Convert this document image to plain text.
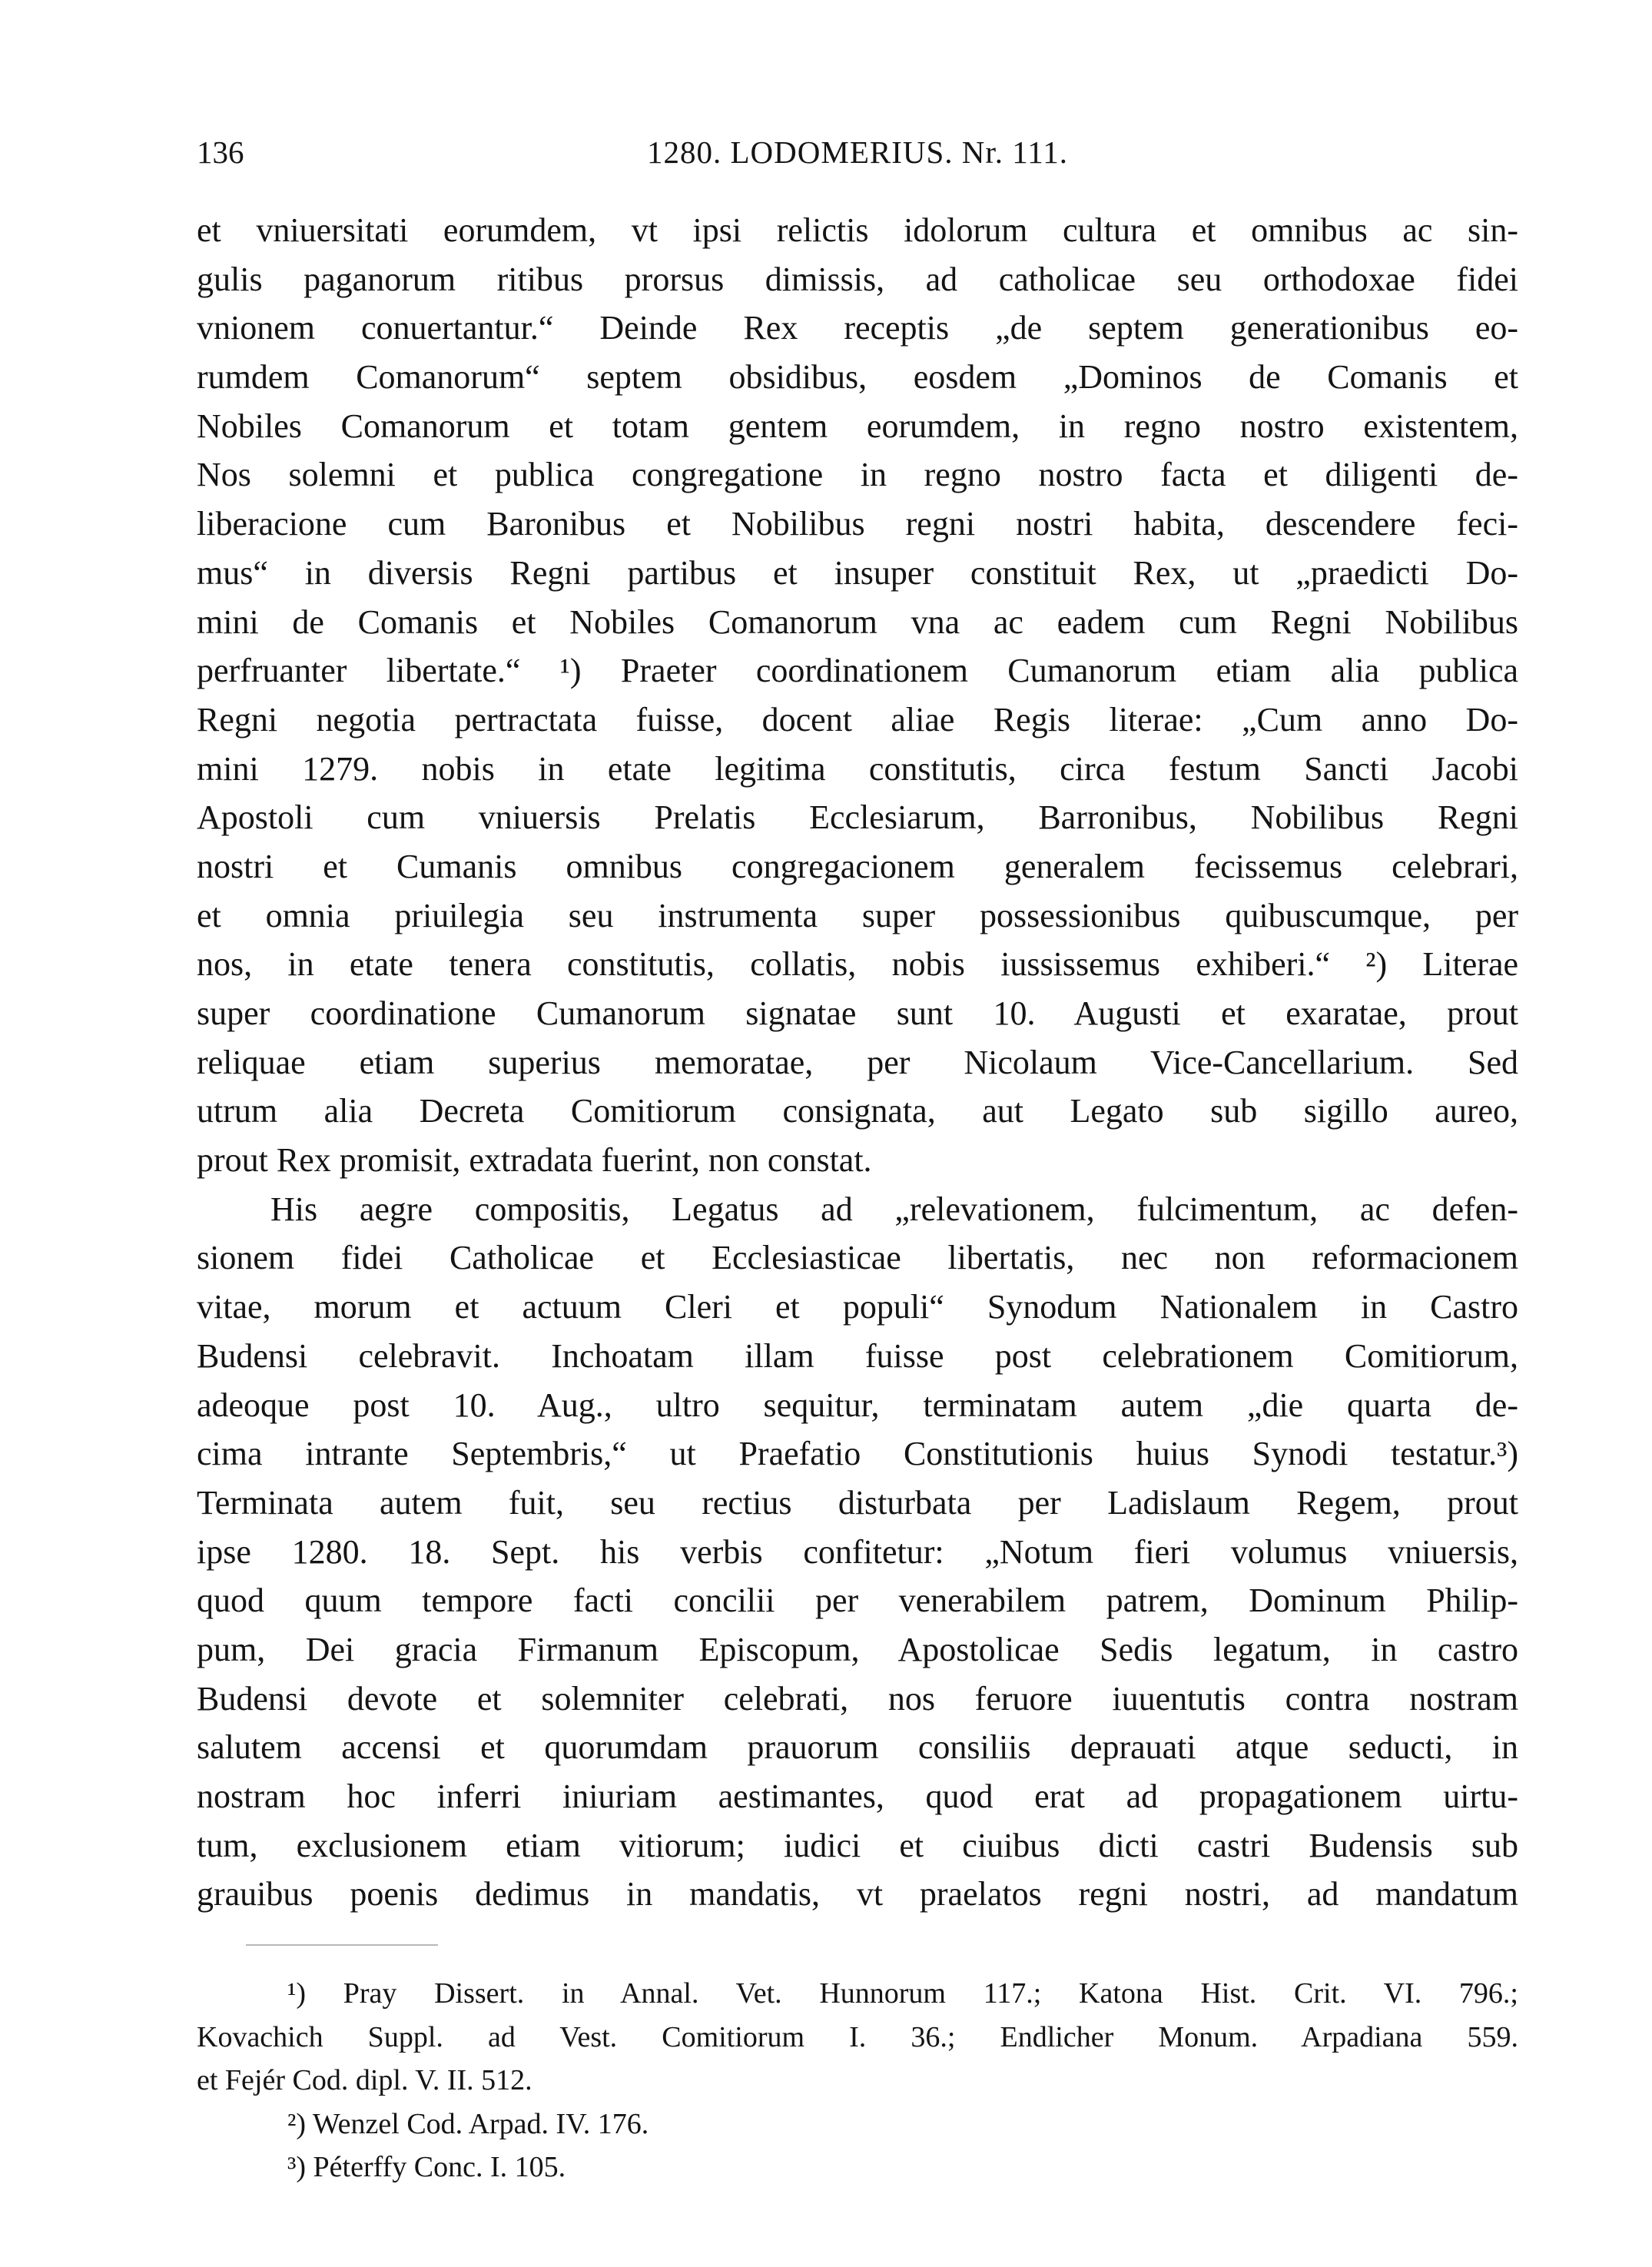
136	1280. LODOMERIUS. Nr. 111.
et vniuersitati eorumdem, vt ipsi relictis idolorum cultura et omnibus ac sin-
gulis paganorum ritibus prorsus dimissis, ad catholicae seu orthodoxae fidei
vnionem conuertantur.“ Deinde Rex receptis „de septem generationibus eo-
rumdem Comanorum“ septem obsidibus, eosdem „Dominos de Comanis et
Nobiles Comanorum et totam gentem eorumdem, in regno nostro existentem,
Nos solemni et publica congregatione in regno nostro facta et diligenti de-
liberacione cum Baronibus et Nobilibus regni nostri habita, descendere feci-
mus“ in diversis Regni partibus et insuper constituit Rex, ut „praedicti Do-
mini de Comanis et Nobiles Comanorum vna ac eadem cum Regni Nobilibus
perfruanter libertate.“ ¹) Praeter coordinationem Cumanorum etiam alia publica
Regni negotia pertractata fuisse, docent aliae Regis literae: „Cum anno Do-
mini 1279. nobis in etate legitima constitutis, circa festum Sancti Jacobi
Apostoli cum vniuersis Prelatis Ecclesiarum, Barronibus, Nobilibus Regni
nostri et Cumanis omnibus congregacionem generalem fecissemus celebrari,
et omnia priuilegia seu instrumenta super possessionibus quibuscumque, per
nos, in etate tenera constitutis, collatis, nobis iussissemus exhiberi.“ ²) Literae
super coordinatione Cumanorum signatae sunt 10. Augusti et exaratae, prout
reliquae etiam superius memoratae, per Nicolaum Vice-Cancellarium. Sed
utrum alia Decreta Comitiorum consignata, aut Legato sub sigillo aureo,
prout Rex promisit, extradata fuerint, non constat.
His aegre compositis, Legatus ad „relevationem, fulcimentum, ac defen-
sionem fidei Catholicae et Ecclesiasticae libertatis, nec non reformacionem
vitae, morum et actuum Cleri et populi“ Synodum Nationalem in Castro
Budensi celebravit. Inchoatam illam fuisse post celebrationem Comitiorum,
adeoque post 10. Aug., ultro sequitur, terminatam autem „die quarta de-
cima intrante Septembris,“ ut Praefatio Constitutionis huius Synodi testatur.³)
Terminata autem fuit, seu rectius disturbata per Ladislaum Regem, prout
ipse 1280. 18. Sept. his verbis confitetur: „Notum fieri volumus vniuersis,
quod quum tempore facti concilii per venerabilem patrem, Dominum Philip-
pum, Dei gracia Firmanum Episcopum, Apostolicae Sedis legatum, in castro
Budensi devote et solemniter celebrati, nos feruore iuuentutis contra nostram
salutem accensi et quorumdam prauorum consiliis deprauati atque seducti, in
nostram hoc inferri iniuriam aestimantes, quod erat ad propagationem uirtu-
tum, exclusionem etiam vitiorum; iudici et ciuibus dicti castri Budensis sub
grauibus poenis dedimus in mandatis, vt praelatos regni nostri, ad mandatum
¹) Pray Dissert. in Annal. Vet. Hunnorum 117.; Katona Hist. Crit. VI. 796.;
Kovachich Suppl. ad Vest. Comitiorum I. 36.; Endlicher Monum. Arpadiana 559.
et Fejér Cod. dipl. V. II. 512.
²) Wenzel Cod. Arpad. IV. 176.
³) Péterffy Conc. I. 105.
